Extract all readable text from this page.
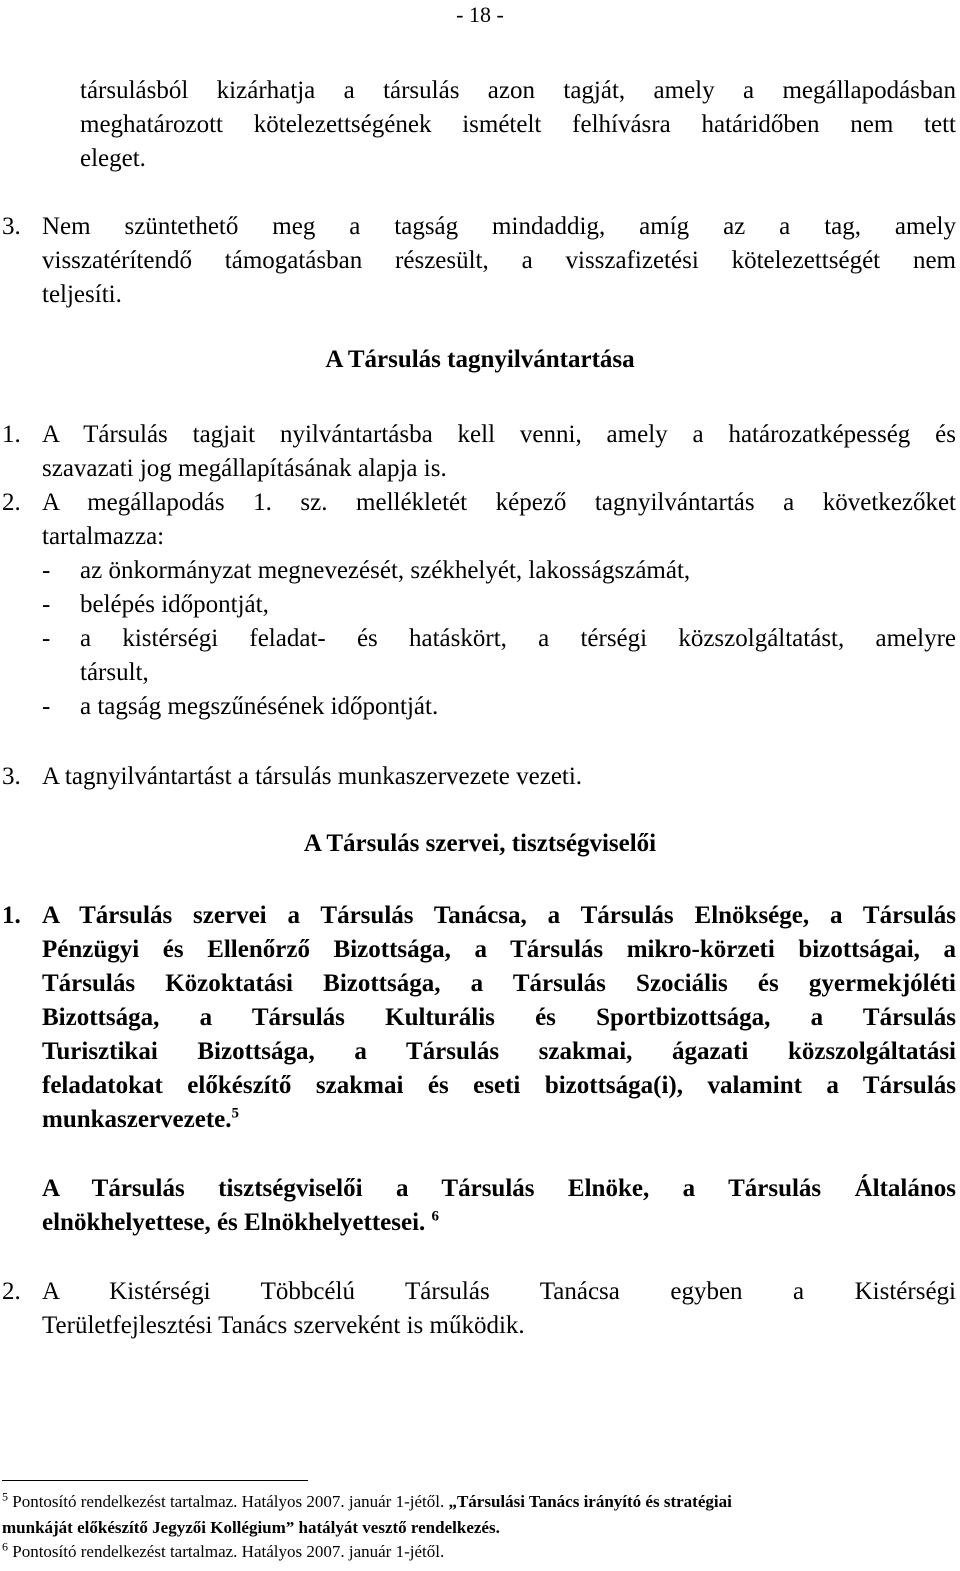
- 18 -
társulásból kizárhatja a társulás azon tagját, amely a megállapodásban
meghatározott kötelezettségének ismételt felhívásra határidőben nem tett
eleget.
3. Nem szüntethető meg a tagság mindaddig, amíg az a tag, amely
visszatérítendő támogatásban részesült, a visszafizetési kötelezettségét nem
teljesíti.
A Társulás tagnyilvántartása
1. A Társulás tagjait nyilvántartásba kell venni, amely a határozatképesség és
szavazati jog megállapításának alapja is.
2. A megállapodás 1. sz. mellékletét képező tagnyilvántartás a következőket
tartalmazza:
- az önkormányzat megnevezését, székhelyét, lakosságszámát,
- belépés időpontját,
- a kistérségi feladat- és hatáskört, a térségi közszolgáltatást, amelyre
társult,
- a tagság megszűnésének időpontját.
3. A tagnyilvántartást a társulás munkaszervezete vezeti.
A Társulás szervei, tisztségviselői
1. A Társulás szervei a Társulás Tanácsa, a Társulás Elnöksége, a Társulás
Pénzügyi és Ellenőrző Bizottsága, a Társulás mikro-körzeti bizottságai, a
Társulás Közoktatási Bizottsága, a Társulás Szociális és gyermekjóléti
Bizottsága, a Társulás Kulturális és Sportbizottsága, a Társulás
Turisztikai Bizottsága, a Társulás szakmai, ágazati közszolgáltatási
feladatokat előkészítő szakmai és eseti bizottsága(i), valamint a Társulás
munkaszervezete.$^5$
A Társulás tisztségviselői a Társulás Elnöke, a Társulás Általános
elnökhelyettese, és Elnökhelyettesei. $^6$
2. A Kistérségi Többcélú Társulás Tanácsa egyben a Kistérségi
Területfejlesztési Tanács szerveként is működik.
$^5$ Pontosító rendelkezést tartalmaz. Hatályos 2007. január 1-jétől. „Társulási Tanács irányító és stratégiai
munkáját előkészítő Jegyzői Kollégium” hatályát vesztő rendelkezés.
$^6$ Pontosító rendelkezést tartalmaz. Hatályos 2007. január 1-jétől.
